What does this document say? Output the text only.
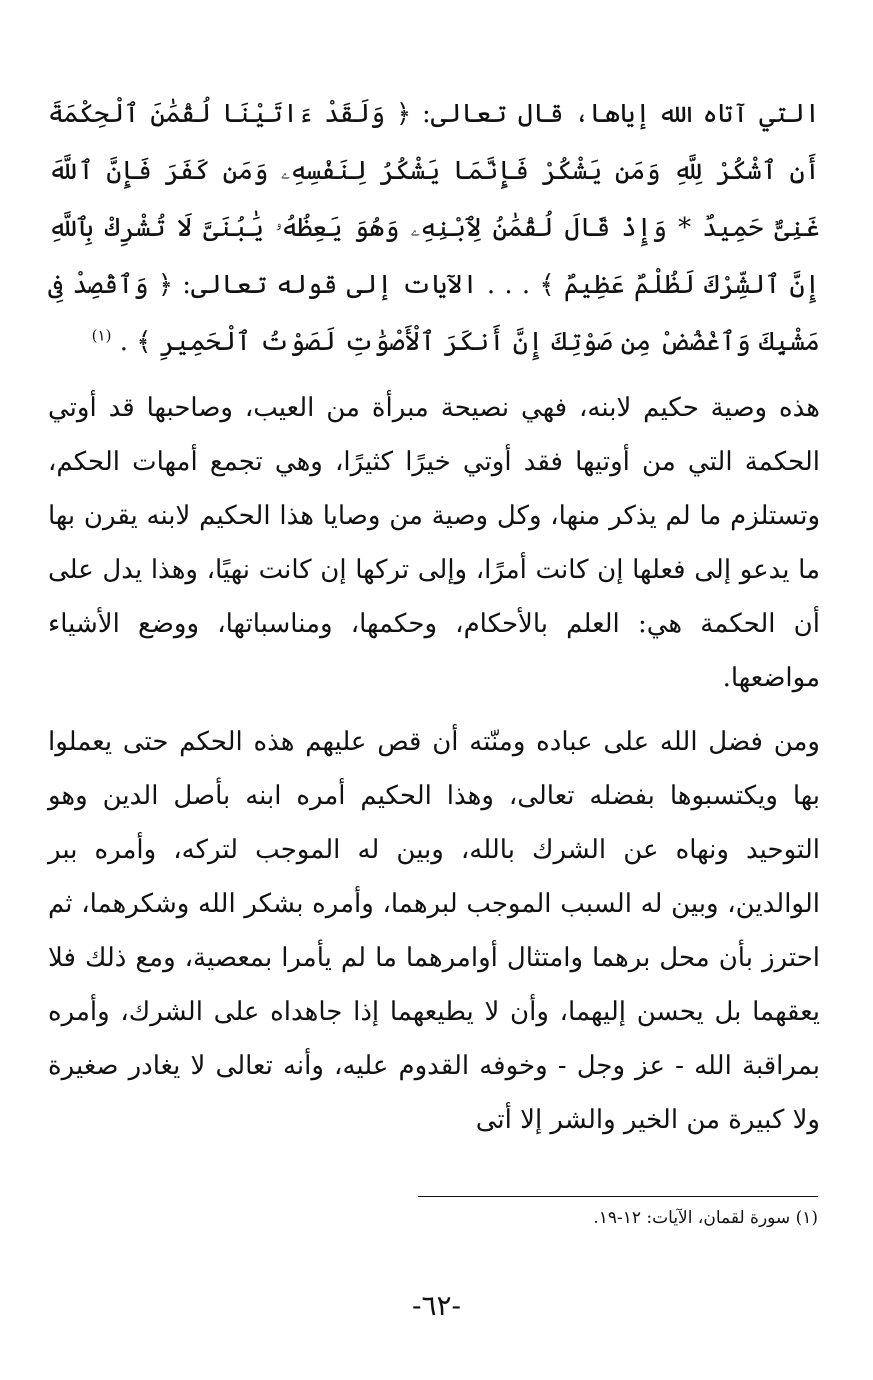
التي آتاه الله إياها، قال تعالى: ﴿ وَلَقَدْ ءَاتَيْنَا لُقْمَٰنَ ٱلْحِكْمَةَ أَنِ ٱشْكُرْ لِلَّهِ وَمَن يَشْكُرْ فَإِنَّمَا يَشْكُرُ لِنَفْسِهِۦ وَمَن كَفَرَ فَإِنَّ ٱللَّهَ غَنِىٌّ حَمِيدٌ * وَإِذْ قَالَ لُقْمَٰنُ لِٱبْنِهِۦ وَهُوَ يَعِظُهُۥ يَٰبُنَىَّ لَا تُشْرِكْ بِٱللَّهِ إِنَّ ٱلشِّرْكَ لَظُلْمٌ عَظِيمٌ ﴾ . . . الآيات إلى قوله تعالى: ﴿ وَٱقْصِدْ فِى مَشْيِكَ وَٱغْضُضْ مِن صَوْتِكَ إِنَّ أَنكَرَ ٱلْأَصْوَٰتِ لَصَوْتُ ٱلْحَمِيرِ ﴾ . $^{(١)}$

هذه وصية حكيم لابنه، فهي نصيحة مبرأة من العيب، وصاحبها قد أوتي الحكمة التي من أوتيها فقد أوتي خيرًا كثيرًا، وهي تجمع أمهات الحكم، وتستلزم ما لم يذكر منها، وكل وصية من وصايا هذا الحكيم لابنه يقرن بها ما يدعو إلى فعلها إن كانت أمرًا، وإلى تركها إن كانت نهيًا، وهذا يدل على أن الحكمة هي: العلم بالأحكام، وحكمها، ومناسباتها، ووضع الأشياء مواضعها.

ومن فضل الله على عباده ومنّته أن قص عليهم هذه الحكم حتى يعملوا بها ويكتسبوها بفضله تعالى، وهذا الحكيم أمره ابنه بأصل الدين وهو التوحيد ونهاه عن الشرك بالله، وبين له الموجب لتركه، وأمره ببر الوالدين، وبين له السبب الموجب لبرهما، وأمره بشكر الله وشكرهما، ثم احترز بأن محل برهما وامتثال أوامرهما ما لم يأمرا بمعصية، ومع ذلك فلا يعقهما بل يحسن إليهما، وأن لا يطيعهما إذا جاهداه على الشرك، وأمره بمراقبة الله - عز وجل - وخوفه القدوم عليه، وأنه تعالى لا يغادر صغيرة ولا كبيرة من الخير والشر إلا أتى

(١) سورة لقمان، الآيات: ١٢-١٩.
-٦٢-
